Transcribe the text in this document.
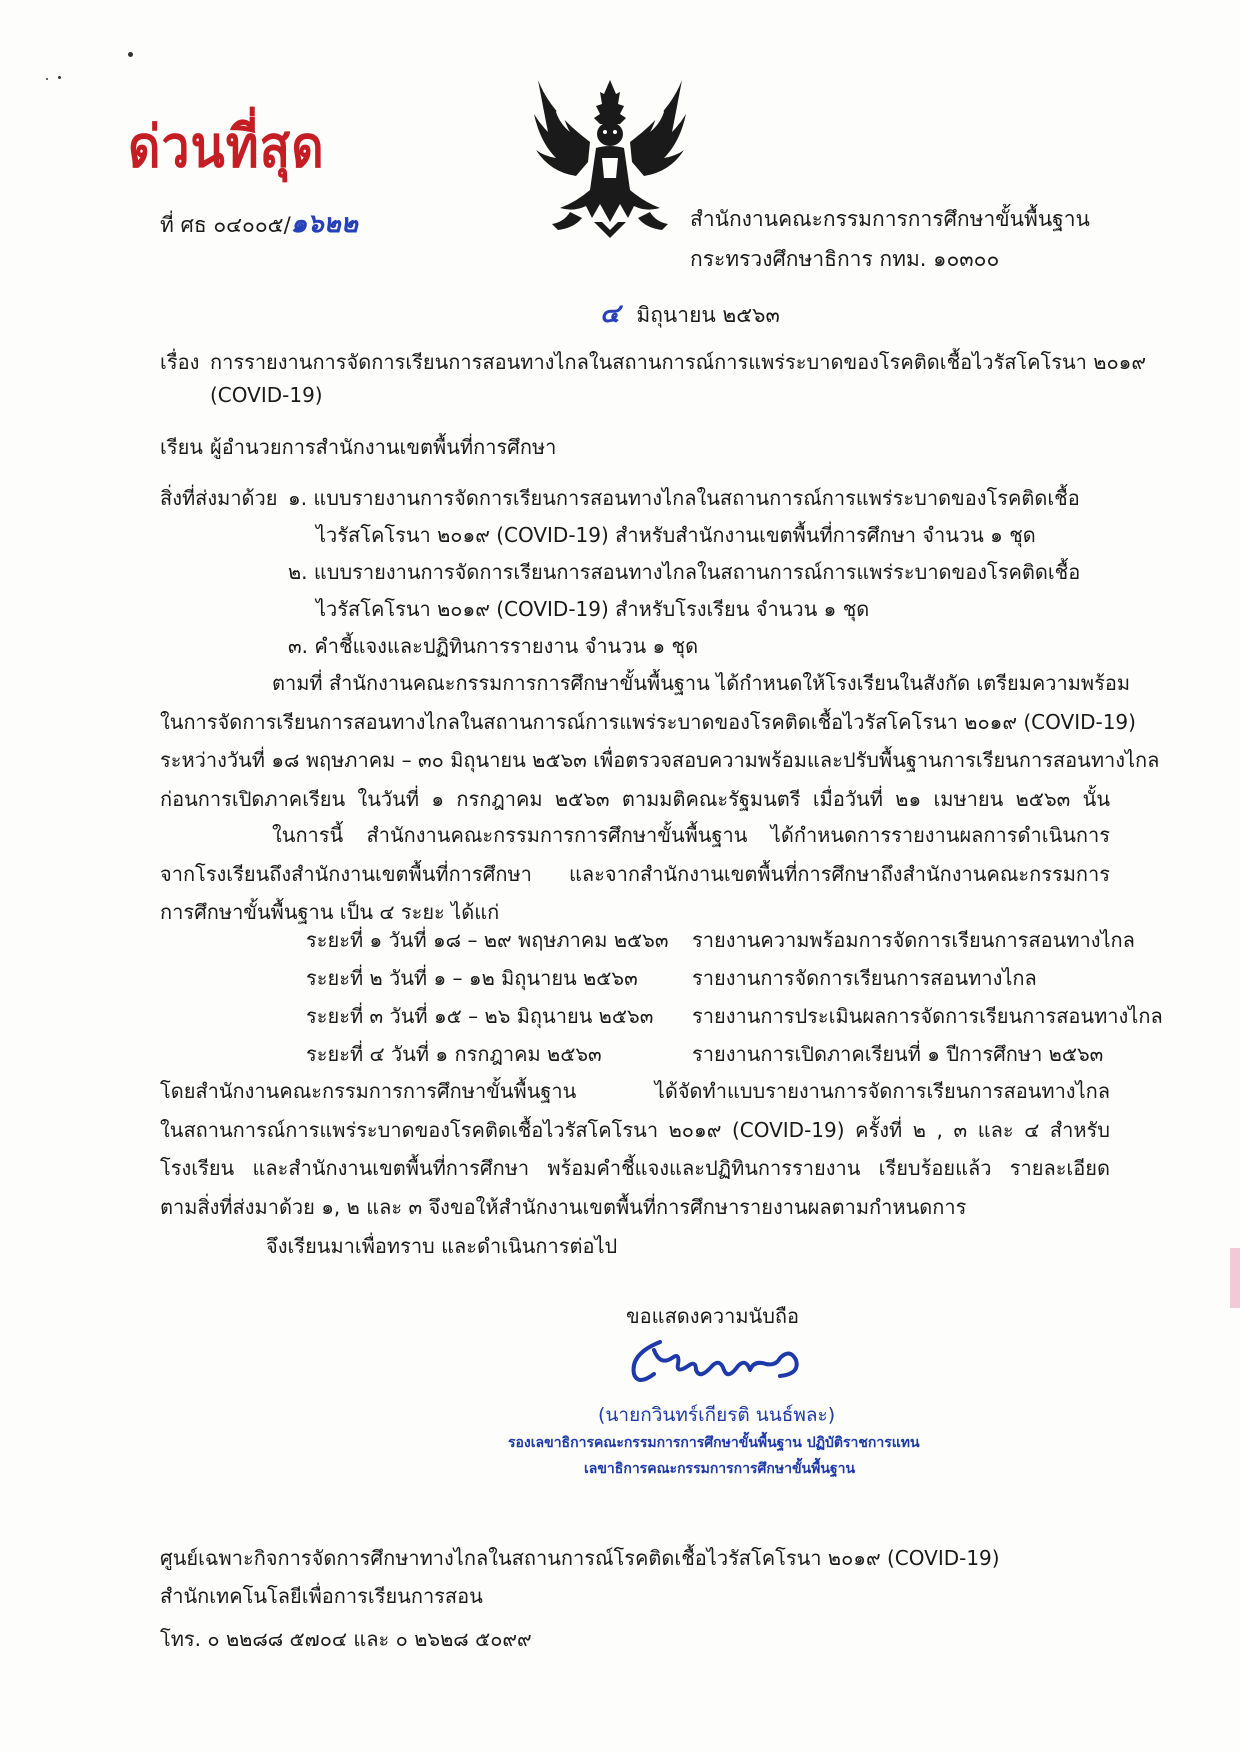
ด่วนที่สุด
ที่ ศธ ๐๔๐๐๕/๑๖๒๒	สำนักงานคณะกรรมการการศึกษาขั้นพื้นฐาน
กระทรวงศึกษาธิการ กทม. ๑๐๓๐๐
๔ มิถุนายน ๒๕๖๓
เรื่อง การรายงานการจัดการเรียนการสอนทางไกลในสถานการณ์การแพร่ระบาดของโรคติดเชื้อไวรัสโคโรนา ๒๐๑๙
(COVID-19)
เรียน ผู้อำนวยการสำนักงานเขตพื้นที่การศึกษา
สิ่งที่ส่งมาด้วย ๑. แบบรายงานการจัดการเรียนการสอนทางไกลในสถานการณ์การแพร่ระบาดของโรคติดเชื้อ
ไวรัสโคโรนา ๒๐๑๙ (COVID-19) สำหรับสำนักงานเขตพื้นที่การศึกษา จำนวน ๑ ชุด
๒. แบบรายงานการจัดการเรียนการสอนทางไกลในสถานการณ์การแพร่ระบาดของโรคติดเชื้อ
ไวรัสโคโรนา ๒๐๑๙ (COVID-19) สำหรับโรงเรียน จำนวน ๑ ชุด
๓. คำชี้แจงและปฏิทินการรายงาน จำนวน ๑ ชุด
ตามที่ สำนักงานคณะกรรมการการศึกษาขั้นพื้นฐาน ได้กำหนดให้โรงเรียนในสังกัด เตรียมความพร้อม
ในการจัดการเรียนการสอนทางไกลในสถานการณ์การแพร่ระบาดของโรคติดเชื้อไวรัสโคโรนา ๒๐๑๙ (COVID-19)
ระหว่างวันที่ ๑๘ พฤษภาคม – ๓๐ มิถุนายน ๒๕๖๓ เพื่อตรวจสอบความพร้อมและปรับพื้นฐานการเรียนการสอนทางไกล
ก่อนการเปิดภาคเรียน ในวันที่ ๑ กรกฎาคม ๒๕๖๓ ตามมติคณะรัฐมนตรี เมื่อวันที่ ๒๑ เมษายน ๒๕๖๓ นั้น
ในการนี้ สำนักงานคณะกรรมการการศึกษาขั้นพื้นฐาน ได้กำหนดการรายงานผลการดำเนินการ
จากโรงเรียนถึงสำนักงานเขตพื้นที่การศึกษา และจากสำนักงานเขตพื้นที่การศึกษาถึงสำนักงานคณะกรรมการ
การศึกษาขั้นพื้นฐาน เป็น ๔ ระยะ ได้แก่
ระยะที่ ๑ วันที่ ๑๘ – ๒๙ พฤษภาคม ๒๕๖๓ รายงานความพร้อมการจัดการเรียนการสอนทางไกล
ระยะที่ ๒ วันที่ ๑ – ๑๒ มิถุนายน ๒๕๖๓	รายงานการจัดการเรียนการสอนทางไกล
ระยะที่ ๓ วันที่ ๑๕ – ๒๖ มิถุนายน ๒๕๖๓ รายงานการประเมินผลการจัดการเรียนการสอนทางไกล
ระยะที่ ๔ วันที่ ๑ กรกฎาคม ๒๕๖๓	รายงานการเปิดภาคเรียนที่ ๑ ปีการศึกษา ๒๕๖๓
โดยสำนักงานคณะกรรมการการศึกษาขั้นพื้นฐาน ได้จัดทำแบบรายงานการจัดการเรียนการสอนทางไกล
ในสถานการณ์การแพร่ระบาดของโรคติดเชื้อไวรัสโคโรนา ๒๐๑๙ (COVID-19) ครั้งที่ ๒ , ๓ และ ๔ สำหรับ
โรงเรียน และสำนักงานเขตพื้นที่การศึกษา พร้อมคำชี้แจงและปฏิทินการรายงาน เรียบร้อยแล้ว รายละเอียด
ตามสิ่งที่ส่งมาด้วย ๑, ๒ และ ๓ จึงขอให้สำนักงานเขตพื้นที่การศึกษารายงานผลตามกำหนดการ
จึงเรียนมาเพื่อทราบ และดำเนินการต่อไป
ขอแสดงความนับถือ
(นายกวินทร์เกียรติ นนธ์พละ)
รองเลขาธิการคณะกรรมการการศึกษาขั้นพื้นฐาน ปฏิบัติราชการแทน
เลขาธิการคณะกรรมการการศึกษาขั้นพื้นฐาน
ศูนย์เฉพาะกิจการจัดการศึกษาทางไกลในสถานการณ์โรคติดเชื้อไวรัสโคโรนา ๒๐๑๙ (COVID-19)
สำนักเทคโนโลยีเพื่อการเรียนการสอน
โทร. ๐ ๒๒๘๘ ๕๗๐๔ และ ๐ ๒๖๒๘ ๕๐๙๙
